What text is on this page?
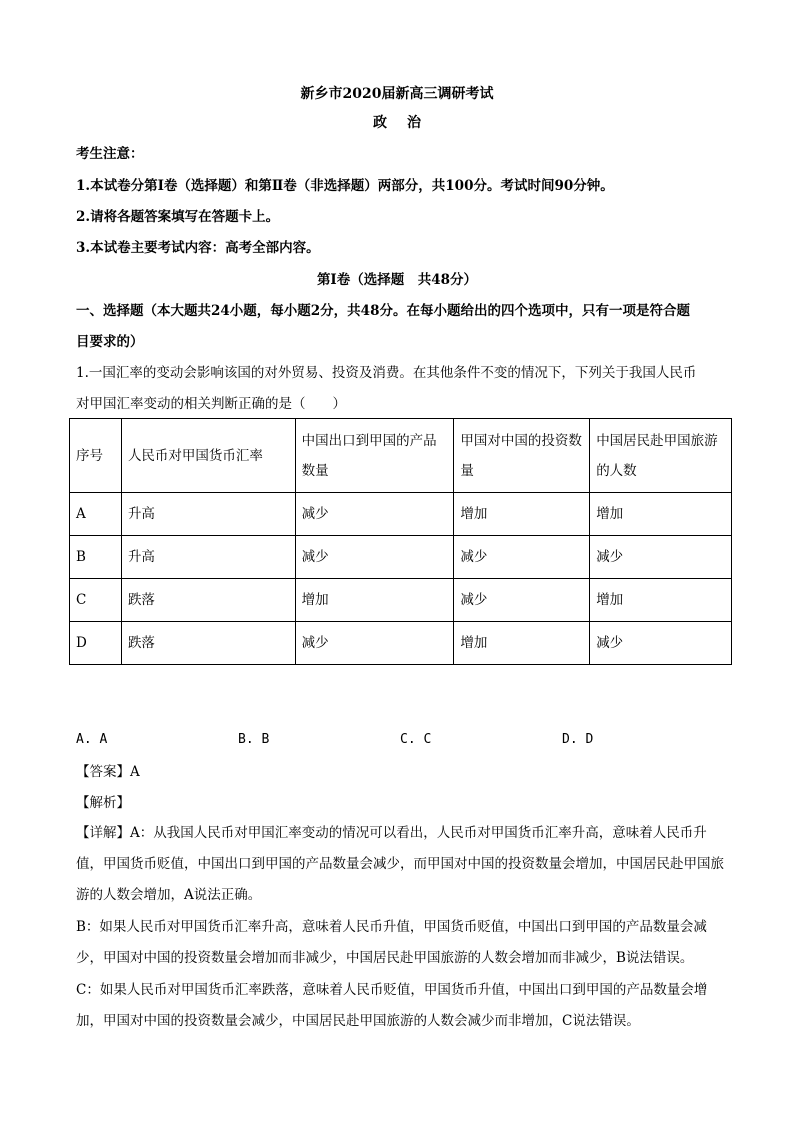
新乡市2020届新高三调研考试
政 治
考生注意：
1.本试卷分第Ⅰ卷（选择题）和第Ⅱ卷（非选择题）两部分，共100分。考试时间90分钟。
2.请将各题答案填写在答题卡上。
3.本试卷主要考试内容：高考全部内容。
第Ⅰ卷（选择题　共48分）
一、选择题（本大题共24小题，每小题2分，共48分。在每小题给出的四个选项中，只有一项是符合题
目要求的）
1.一国汇率的变动会影响该国的对外贸易、投资及消费。在其他条件不变的情况下，下列关于我国人民币
对甲国汇率变动的相关判断正确的是（　　）
序号	人民币对甲国货币汇率	中国出口到甲国的产品数量	甲国对中国的投资数量	中国居民赴甲国旅游的人数
A	升高	减少	增加	增加
B	升高	减少	减少	减少
C	跌落	增加	减少	增加
D	跌落	减少	增加	减少
A. A	B. B	C. C	D. D
【答案】A
【解析】
【详解】A：从我国人民币对甲国汇率变动的情况可以看出，人民币对甲国货币汇率升高，意味着人民币升值，甲国货币贬值，中国出口到甲国的产品数量会减少，而甲国对中国的投资数量会增加，中国居民赴甲国旅游的人数会增加，A说法正确。
B：如果人民币对甲国货币汇率升高，意味着人民币升值，甲国货币贬值，中国出口到甲国的产品数量会减少，甲国对中国的投资数量会增加而非减少，中国居民赴甲国旅游的人数会增加而非减少，B说法错误。
C：如果人民币对甲国货币汇率跌落，意味着人民币贬值，甲国货币升值，中国出口到甲国的产品数量会增加，甲国对中国的投资数量会减少，中国居民赴甲国旅游的人数会减少而非增加，C说法错误。
